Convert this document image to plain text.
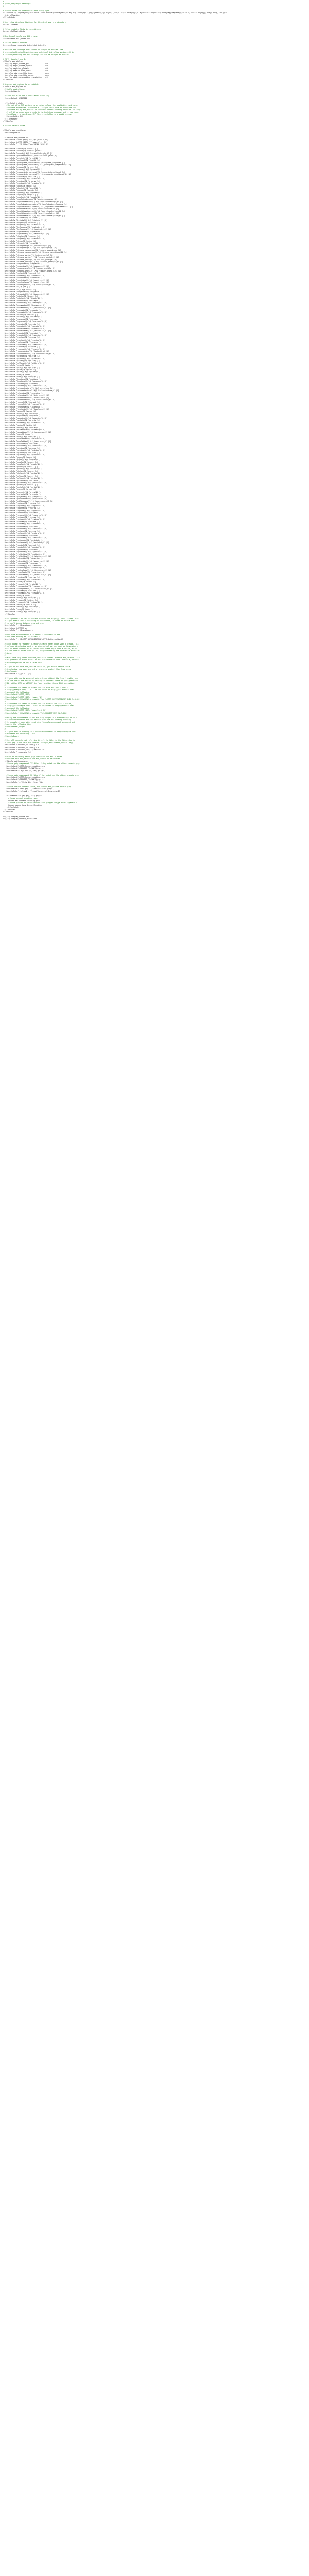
#
# Apache/PHP/Drupal settings:
#
# Protect files and directories from prying eyes.
<FilesMatch "\.(engine|inc|info|install|make|module|profile|test|po|sh|.*sql|theme|tpl(\.php)?|xtmpl)(~|\.sw[op]|\.bak|\.orig|\.save)?$|^(\..*|Entries.*|Repository|Root|Tag|Template)$|^#.*#$|\.php(~|\.sw[op]|\.bak|\.orig\.save)$">
Order allow,deny
</FilesMatch>
# Don't show directory listings for URLs which map to a directory.
Options -Indexes
# Follow symbolic links in this directory.
Options +FollowSymLinks
# Make Drupal handle any 404 errors.
ErrorDocument 404 /index.php
# Set the default handler.
DirectoryIndex index.php index.html index.htm
# Override PHP settings that cannot be changed at runtime. See
# sites/default/default.settings.php and drupal_initialize_variables() in
# includes/bootstrap.inc for settings that can be changed at runtime.
# PHP 5, Apache 1 and 2.
<IfModule mod_php5.c>
php_flag magic_quotes_gpc                 off
php_flag magic_quotes_sybase              off
php_flag register_globals                 off
php_flag session.auto_start               off
php_value mbstring.http_input             pass
php_value mbstring.http_output            pass
php_flag mbstring.encoding_translation    off
</IfModule>
# Requires mod_expires to be enabled.
<IfModule mod_expires.c>
# Enable expirations.
ExpiresActive On
# Cache all files for 2 weeks after access (A).
ExpiresDefault A1209600
<FilesMatch \.php$>
# Do not allow PHP scripts to be cached unless they explicitly send cache
# headers themselves. Otherwise all scripts would have to overwrite the
# headers set by mod_expires if they want another caching behavior. This may
# fail if an error occurs early in the bootstrap process, and it may cause
# problems if a non-Drupal PHP file is installed in a subdirectory.
ExpiresActive Off
</FilesMatch>
</IfModule>
# Various rewrite rules.
<IfModule mod_rewrite.c>
RewriteEngine on
<IfModule mod_rewrite.c>
RewriteRule ^index.php/(.*)$ /$1 [R=301,L,NC]
RewriteCond %{HTTP_HOST} ^(?!www\.)(.+) [NC]
RewriteRule ^(.*)$ http://www.%1/$1 [R=301,L]
RewriteRule ^inhalt/?$ /inhalt [L]
RewriteRule ^search/?$ /search [R=301,L]
RewriteRule ^search/(.*)$ /search/index.php/$1 [L]
RewriteRule ^publikationen/?$ /publikationen [R=301,L]
RewriteRule ^print/(.*)$ /print/$1 [L]
RewriteRule ^portugal/?$ /inhalt [L]
RewriteRule ^portuguese_companies/?$ /portuguese_companies [L]
RewriteRule ^portuguese_companies/(.*)$ /portuguese_companies/$1 [L]
RewriteRule ^greece/?$ /greece [L]
RewriteRule ^greece/(.*)$ /greece/$1 [L]
RewriteRule ^greece-international/?$ /greece-international [L]
RewriteRule ^greece-international/(.*)$ /greece-international/$1 [L]
RewriteRule ^article/?$ /article [L]
RewriteRule ^article/(.*)$ /article/$1 [L]
RewriteRule ^arquivo/?$ /arquivo [L]
RewriteRule ^arquivo/(.*)$ /arquivo/$1 [L]
RewriteRule ^about/?$ /about [L]
RewriteRule ^about/(.*)$ /about/$1 [L]
RewriteRule ^agenda/?$ /agenda [L]
RewriteRule ^agenda/(.*)$ /agenda/$1 [L]
RewriteRule ^angola/?$ /angola [L]
RewriteRule ^angola/(.*)$ /angola/$1 [L]
RewriteRule ^angolatradecompa/?$ /angolatradecompa [L]
RewriteRule ^angolatradecompa/(.*)$ /angolatradecompa/$1 [L]
RewriteRule ^angolabusinessleaders/?$ /angolabusinessleaders [L]
RewriteRule ^angolabusinessleaders/(.*)$ /angolabusinessleaders/$1 [L]
RewriteRule ^benefitsvaluation/?$ /benefitsvaluation [L]
RewriteRule ^benefitsvaluation/(.*)$ /benefitsvaluation/$1 [L]
RewriteRule ^benefitsanalytics/?$ /benefitsanalytics [L]
RewriteRule ^benefitsanalytics/(.*)$ /benefitsanalytics/$1 [L]
RewriteRule ^bizintel/?$ /bizintel [L]
RewriteRule ^bizintel/(.*)$ /bizintel/$1 [L]
RewriteRule ^bsaphil/?$ /bsaphil [L]
RewriteRule ^bsaphil/(.*)$ /bsaphil/$1 [L]
RewriteRule ^busleaders/?$ /busleaders [L]
RewriteRule ^busleaders/(.*)$ /busleaders/$1 [L]
RewriteRule ^capeverde/?$ /capeverde [L]
RewriteRule ^capeverde/(.*)$ /capeverde/$1 [L]
RewriteRule ^chapter/?$ /chapter [L]
RewriteRule ^chapter/(.*)$ /chapter/$1 [L]
RewriteRule ^china/?$ /china [L]
RewriteRule ^china/(.*)$ /china/$1 [L]
RewriteRule ^chinaportugal/?$ /chinaportugal [L]
RewriteRule ^chinaportugal/(.*)$ /chinaportugal/$1 [L]
RewriteRule ^chinese_mozambique/?$ /chinese_mozambique [L]
RewriteRule ^chinese_mozambique/(.*)$ /chinese_mozambique/$1 [L]
RewriteRule ^chinese_portal/?$ /chinese_portal [L]
RewriteRule ^chinese_portal/(.*)$ /chinese_portal/$1 [L]
RewriteRule ^chinese_portugal/?$ /chinese_portugal [L]
RewriteRule ^chinese_portugal/(.*)$ /chinese_portugal/$1 [L]
RewriteRule ^companies/?$ /companies [L]
RewriteRule ^companies/(.*)$ /companies/$1 [L]
RewriteRule ^company-profile/?$ /company-profile [L]
RewriteRule ^company-profile/(.*)$ /company-profile/$1 [L]
RewriteRule ^content/?$ /content [L]
RewriteRule ^content/(.*)$ /content/$1 [L]
RewriteRule ^countries/?$ /countries [L]
RewriteRule ^countries/(.*)$ /countries/$1 [L]
RewriteRule ^countryfocus/?$ /countryfocus [L]
RewriteRule ^countryfocus/(.*)$ /countryfocus/$1 [L]
RewriteRule ^ct/?$ /ct [L]
RewriteRule ^ct/(.*)$ /ct/$1 [L]
RewriteRule ^dbspecial/?$ /dbspecial [L]
RewriteRule ^dbspecial/(.*)$ /dbspecial/$1 [L]
RewriteRule ^debate/?$ /debate [L]
RewriteRule ^debate/(.*)$ /debate/$1 [L]
RewriteRule ^destaque/?$ /destaque [L]
RewriteRule ^destaque/(.*)$ /destaque/$1 [L]
RewriteRule ^documentos/?$ /documentos [L]
RewriteRule ^documentos/(.*)$ /documentos/$1 [L]
RewriteRule ^economia/?$ /economia [L]
RewriteRule ^economia/(.*)$ /economia/$1 [L]
RewriteRule ^edicao/?$ /edicao [L]
RewriteRule ^edicao/(.*)$ /edicao/$1 [L]
RewriteRule ^empresas/?$ /empresas [L]
RewriteRule ^empresas/(.*)$ /empresas/$1 [L]
RewriteRule ^energia/?$ /energia [L]
RewriteRule ^energia/(.*)$ /energia/$1 [L]
RewriteRule ^entrevista/?$ /entrevista [L]
RewriteRule ^entrevista/(.*)$ /entrevista/$1 [L]
RewriteRule ^especial/?$ /especial [L]
RewriteRule ^especial/(.*)$ /especial/$1 [L]
RewriteRule ^eventos/?$ /eventos [L]
RewriteRule ^eventos/(.*)$ /eventos/$1 [L]
RewriteRule ^features/?$ /features [L]
RewriteRule ^features/(.*)$ /features/$1 [L]
RewriteRule ^finance/?$ /finance [L]
RewriteRule ^finance/(.*)$ /finance/$1 [L]
RewriteRule ^foodanddrink/?$ /foodanddrink [L]
RewriteRule ^foodanddrink/(.*)$ /foodanddrink/$1 [L]
RewriteRule ^galeria/?$ /galeria [L]
RewriteRule ^galeria/(.*)$ /galeria/$1 [L]
RewriteRule ^gallery/?$ /gallery [L]
RewriteRule ^gallery/(.*)$ /gallery/$1 [L]
RewriteRule ^guia/?$ /guia [L]
RewriteRule ^guia/(.*)$ /guia/$1 [L]
RewriteRule ^guide/?$ /guide [L]
RewriteRule ^guide/(.*)$ /guide/$1 [L]
RewriteRule ^home/?$ /home [L]
RewriteRule ^home/(.*)$ /home/$1 [L]
RewriteRule ^hongkong/?$ /hongkong [L]
RewriteRule ^hongkong/(.*)$ /hongkong/$1 [L]
RewriteRule ^industry/?$ /industry [L]
RewriteRule ^industry/(.*)$ /industry/$1 [L]
RewriteRule ^infraestrutura/?$ /infraestrutura [L]
RewriteRule ^infraestrutura/(.*)$ /infraestrutura/$1 [L]
RewriteRule ^interview/?$ /interview [L]
RewriteRule ^interview/(.*)$ /interview/$1 [L]
RewriteRule ^investimento/?$ /investimento [L]
RewriteRule ^investimento/(.*)$ /investimento/$1 [L]
RewriteRule ^journal/?$ /journal [L]
RewriteRule ^journal/(.*)$ /journal/$1 [L]
RewriteRule ^lusofonia/?$ /lusofonia [L]
RewriteRule ^lusofonia/(.*)$ /lusofonia/$1 [L]
RewriteRule ^macau/?$ /macau [L]
RewriteRule ^macau/(.*)$ /macau/$1 [L]
RewriteRule ^magazine/?$ /magazine [L]
RewriteRule ^magazine/(.*)$ /magazine/$1 [L]
RewriteRule ^markets/?$ /markets [L]
RewriteRule ^markets/(.*)$ /markets/$1 [L]
RewriteRule ^media/?$ /media [L]
RewriteRule ^media/(.*)$ /media/$1 [L]
RewriteRule ^mozambique/?$ /mozambique [L]
RewriteRule ^mozambique/(.*)$ /mozambique/$1 [L]
RewriteRule ^news/?$ /news [L]
RewriteRule ^news/(.*)$ /news/$1 [L]
RewriteRule ^newsletter/?$ /newsletter [L]
RewriteRule ^newsletter/(.*)$ /newsletter/$1 [L]
RewriteRule ^noticias/?$ /noticias [L]
RewriteRule ^noticias/(.*)$ /noticias/$1 [L]
RewriteRule ^opiniao/?$ /opiniao [L]
RewriteRule ^opiniao/(.*)$ /opiniao/$1 [L]
RewriteRule ^opinion/?$ /opinion [L]
RewriteRule ^opinion/(.*)$ /opinion/$1 [L]
RewriteRule ^pages/?$ /pages [L]
RewriteRule ^pages/(.*)$ /pages/$1 [L]
RewriteRule ^people/?$ /people [L]
RewriteRule ^people/(.*)$ /people/$1 [L]
RewriteRule ^perfil/?$ /perfil [L]
RewriteRule ^perfil/(.*)$ /perfil/$1 [L]
RewriteRule ^photos/?$ /photos [L]
RewriteRule ^photos/(.*)$ /photos/$1 [L]
RewriteRule ^policy/?$ /policy [L]
RewriteRule ^policy/(.*)$ /policy/$1 [L]
RewriteRule ^politica/?$ /politica [L]
RewriteRule ^politica/(.*)$ /politica/$1 [L]
RewriteRule ^portal/?$ /portal [L]
RewriteRule ^portal/(.*)$ /portal/$1 [L]
RewriteRule ^press/?$ /press [L]
RewriteRule ^press/(.*)$ /press/$1 [L]
RewriteRule ^projects/?$ /projects [L]
RewriteRule ^projects/(.*)$ /projects/$1 [L]
RewriteRule ^publicacoes/?$ /publicacoes [L]
RewriteRule ^publicacoes/(.*)$ /publicacoes/$1 [L]
RewriteRule ^regions/?$ /regions [L]
RewriteRule ^regions/(.*)$ /regions/$1 [L]
RewriteRule ^reports/?$ /reports [L]
RewriteRule ^reports/(.*)$ /reports/$1 [L]
RewriteRule ^research/?$ /research [L]
RewriteRule ^research/(.*)$ /research/$1 [L]
RewriteRule ^reviews/?$ /reviews [L]
RewriteRule ^reviews/(.*)$ /reviews/$1 [L]
RewriteRule ^saotome/?$ /saotome [L]
RewriteRule ^saotome/(.*)$ /saotome/$1 [L]
RewriteRule ^sections/?$ /sections [L]
RewriteRule ^sections/(.*)$ /sections/$1 [L]
RewriteRule ^sectors/?$ /sectors [L]
RewriteRule ^sectors/(.*)$ /sectors/$1 [L]
RewriteRule ^services/?$ /services [L]
RewriteRule ^services/(.*)$ /services/$1 [L]
RewriteRule ^sociedade/?$ /sociedade [L]
RewriteRule ^sociedade/(.*)$ /sociedade/$1 [L]
RewriteRule ^special/?$ /special [L]
RewriteRule ^special/(.*)$ /special/$1 [L]
RewriteRule ^sponsors/?$ /sponsors [L]
RewriteRule ^sponsors/(.*)$ /sponsors/$1 [L]
RewriteRule ^statistics/?$ /statistics [L]
RewriteRule ^statistics/(.*)$ /statistics/$1 [L]
RewriteRule ^subscribe/?$ /subscribe [L]
RewriteRule ^subscribe/(.*)$ /subscribe/$1 [L]
RewriteRule ^taxonomy/?$ /taxonomy [L]
RewriteRule ^taxonomy/(.*)$ /taxonomy/$1 [L]
RewriteRule ^technology/?$ /technology [L]
RewriteRule ^technology/(.*)$ /technology/$1 [L]
RewriteRule ^timorleste/?$ /timorleste [L]
RewriteRule ^timorleste/(.*)$ /timorleste/$1 [L]
RewriteRule ^tourism/?$ /tourism [L]
RewriteRule ^tourism/(.*)$ /tourism/$1 [L]
RewriteRule ^trade/?$ /trade [L]
RewriteRule ^trade/(.*)$ /trade/$1 [L]
RewriteRule ^transportes/?$ /transportes [L]
RewriteRule ^transportes/(.*)$ /transportes/$1 [L]
RewriteRule ^turismo/?$ /turismo [L]
RewriteRule ^turismo/(.*)$ /turismo/$1 [L]
RewriteRule ^user/?$ /user [L]
RewriteRule ^user/(.*)$ /user/$1 [L]
RewriteRule ^videos/?$ /videos [L]
RewriteRule ^videos/(.*)$ /videos/$1 [L]
RewriteRule ^world/?$ /world [L]
RewriteRule ^world/(.*)$ /world/$1 [L]
RewriteRule ^zone/?$ /zone [L]
RewriteRule ^zone/(.*)$ /zone/$1 [L]
</IfModule>
# Set "protossl" to "s" if we were accessed via https://. This is used later
# if you enable "www." stripping or enforcement, in order to ensure that
# you don't bounce between http and https.
RewriteRule ^ - [E=protossl]
RewriteCond %{HTTPS} on
RewriteRule ^ - [E=protossl:s]
# Make sure Authorization HTTP header is available to PHP
# even when running as CGI or FastCGI.
RewriteRule ^ - [E=HTTP_AUTHORIZATION:%{HTTP:Authorization}]
# Block access to "hidden" directories whose names begin with a period. This
# includes directories used by version control systems such as Subversion or
# Git to store control files. Files whose names begin with a period, as well
# as the control files used by CVS, are protected by the FilesMatch directive
# above.
#
# NOTE: This only works when mod_rewrite is loaded. Without mod_rewrite, it is
# not possible to block access to entire directories from .htaccess, because
# <DirectoryMatch> is not allowed here.
#
# If you do not have mod_rewrite installed, you should remove these
# directories from your webroot or otherwise protect them from being
# downloaded.
RewriteRule "(^|/)\." - [F]
# If your site can be accessed both with and without the 'www.' prefix, you
# can use one of the following settings to redirect users to your preferred
# URL, either WITH or WITHOUT the 'www.' prefix. Choose ONLY one option:
#
# To redirect all users to access the site WITH the 'www.' prefix,
# (http://example.com/... will be redirected to http://www.example.com/...)
# uncomment the following:
# RewriteCond %{HTTP_HOST} .
# RewriteCond %{HTTP_HOST} !^www\. [NC]
# RewriteRule ^ http%{ENV:protossl}://www.%{HTTP_HOST}%{REQUEST_URI} [L,R=301]
#
# To redirect all users to access the site WITHOUT the 'www.' prefix,
# (http://www.example.com/... will be redirected to http://example.com/...)
# uncomment the following:
# RewriteCond %{HTTP_HOST} ^www\.(.+)$ [NC]
# RewriteRule ^ http%{ENV:protossl}://%1%{REQUEST_URI} [L,R=301]
# Modify the RewriteBase if you are using Drupal in a subdirectory or in a
# VirtualDocumentRoot and the rewrite rules are not working properly.
# For example if your site is at http://example.com/drupal uncomment and
# modify the following line:
# RewriteBase /drupal
#
# If your site is running in a VirtualDocumentRoot at http://example.com/,
# uncomment the following line:
# RewriteBase /
# Pass all requests not referring directly to files in the filesystem to
# index.php. Clean URLs are handled in drupal_environment_initialize().
RewriteCond %{REQUEST_FILENAME} !-f
RewriteCond %{REQUEST_FILENAME} !-d
RewriteCond %{REQUEST_URI} !=/favicon.ico
RewriteRule ^ index.php [L]
# Rules to correctly serve gzip compressed CSS and JS files.
# Requires both mod_rewrite and mod_headers to be enabled.
<IfModule mod_headers.c>
# Serve gzip compressed CSS files if they exist and the client accepts gzip.
RewriteCond %{HTTP:Accept-encoding} gzip
RewriteCond %{REQUEST_FILENAME}\.gz -s
RewriteRule ^(.*)\.css $1\.css\.gz [QSA]
# Serve gzip compressed JS files if they exist and the client accepts gzip.
RewriteCond %{HTTP:Accept-encoding} gzip
RewriteCond %{REQUEST_FILENAME}\.gz -s
RewriteRule ^(.*)\.js $1\.js\.gz [QSA]
# Serve correct content types, and prevent mod_deflate double gzip.
RewriteRule \.css\.gz$ - [T=text/css,E=no-gzip:1]
RewriteRule \.js\.gz$ - [T=text/javascript,E=no-gzip:1]
<FilesMatch "(\.js\.gz|\.css\.gz)$">
# Serve correct encoding type.
Header set Content-Encoding gzip
# Force proxies to cache gzipped & non-gzipped css/js files separately.
Header append Vary Accept-Encoding
</FilesMatch>
</IfModule>
</IfModule>
php_flag display_errors off
php_flag display_startup_errors off
